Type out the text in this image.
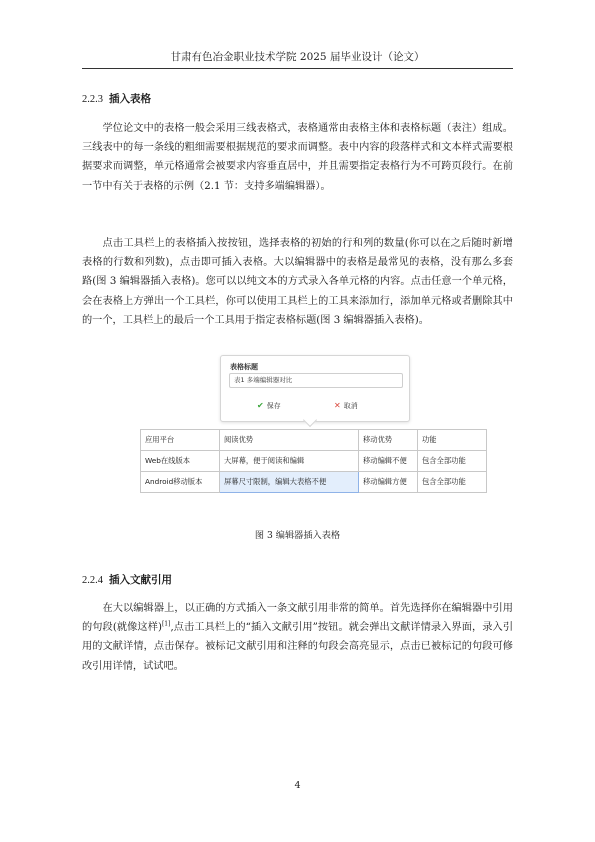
甘肃有色冶金职业技术学院 2025 届毕业设计（论文）
2.2.3 插入表格

学位论文中的表格一般会采用三线表格式，表格通常由表格主体和表格标题（表注）组成。三线表中的每一条线的粗细需要根据规范的要求而调整。表中内容的段落样式和文本样式需要根据要求而调整，单元格通常会被要求内容垂直居中，并且需要指定表格行为不可跨页段行。在前一节中有关于表格的示例（2.1 节：支持多端编辑器）。

点击工具栏上的表格插入按按钮，选择表格的初始的行和列的数量(你可以在之后随时新增表格的行数和列数)，点击即可插入表格。大以编辑器中的表格是最常见的表格，没有那么多套路(图 3 编辑器插入表格)。您可以以纯文本的方式录入各单元格的内容。点击任意一个单元格，会在表格上方弹出一个工具栏，你可以使用工具栏上的工具来添加行，添加单元格或者删除其中的一个，工具栏上的最后一个工具用于指定表格标题(图 3 编辑器插入表格)。

表格标题
表1 多端编辑器对比
✔ 保存	✕ 取消
应用平台	阅读优势	移动优势	功能
Web在线版本	大屏幕，便于阅读和编辑	移动编辑不便	包含全部功能
Android移动版本	屏幕尺寸限制，编辑大表格不便	移动编辑方便	包含全部功能
图 3 编辑器插入表格
2.2.4 插入文献引用

在大以编辑器上，以正确的方式插入一条文献引用非常的简单。首先选择你在编辑器中引用的句段(就像这样)[1],点击工具栏上的“插入文献引用”按钮。就会弹出文献详情录入界面，录入引用的文献详情，点击保存。被标记文献引用和注释的句段会高亮显示，点击已被标记的句段可修改引用详情，试试吧。

4
